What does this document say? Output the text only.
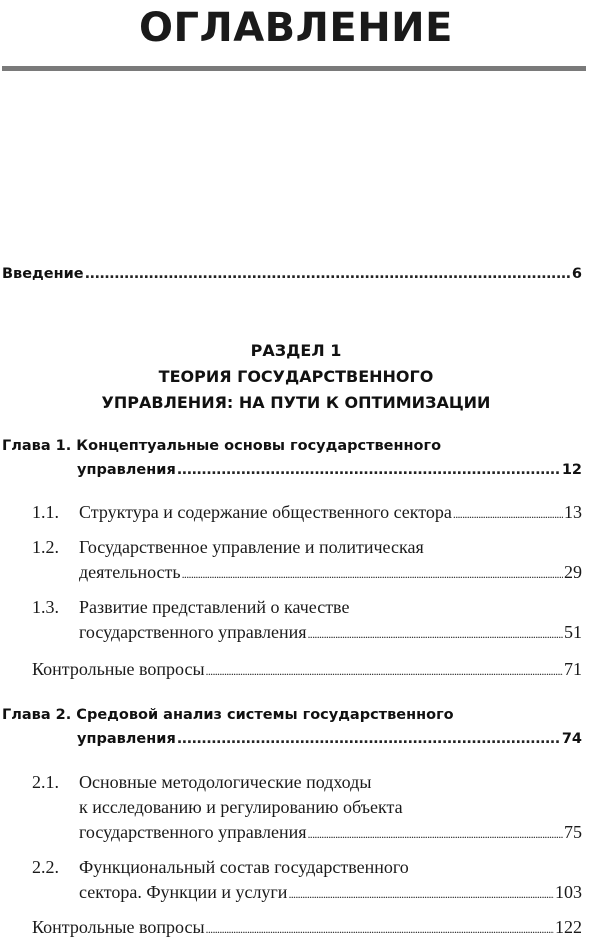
ОГЛАВЛЕНИЕ
Введение .....	6
РАЗДЕЛ 1
ТЕОРИЯ ГОСУДАРСТВЕННОГО
УПРАВЛЕНИЯ: НА ПУТИ К ОПТИМИЗАЦИИ
Глава 1. Концептуальные основы государственного
управления .....	12
1.1. Структура и содержание общественного сектора .....	13
1.2. Государственное управление и политическая
деятельность .....	29
1.3. Развитие представлений о качестве
государственного управления .....	51
Контрольные вопросы .....	71
Глава 2. Средовой анализ системы государственного
управления .....	74
2.1. Основные методологические подходы
к исследованию и регулированию объекта
государственного управления .....	75
2.2. Функциональный состав государственного
сектора. Функции и услуги .....	103
Контрольные вопросы .....	122
